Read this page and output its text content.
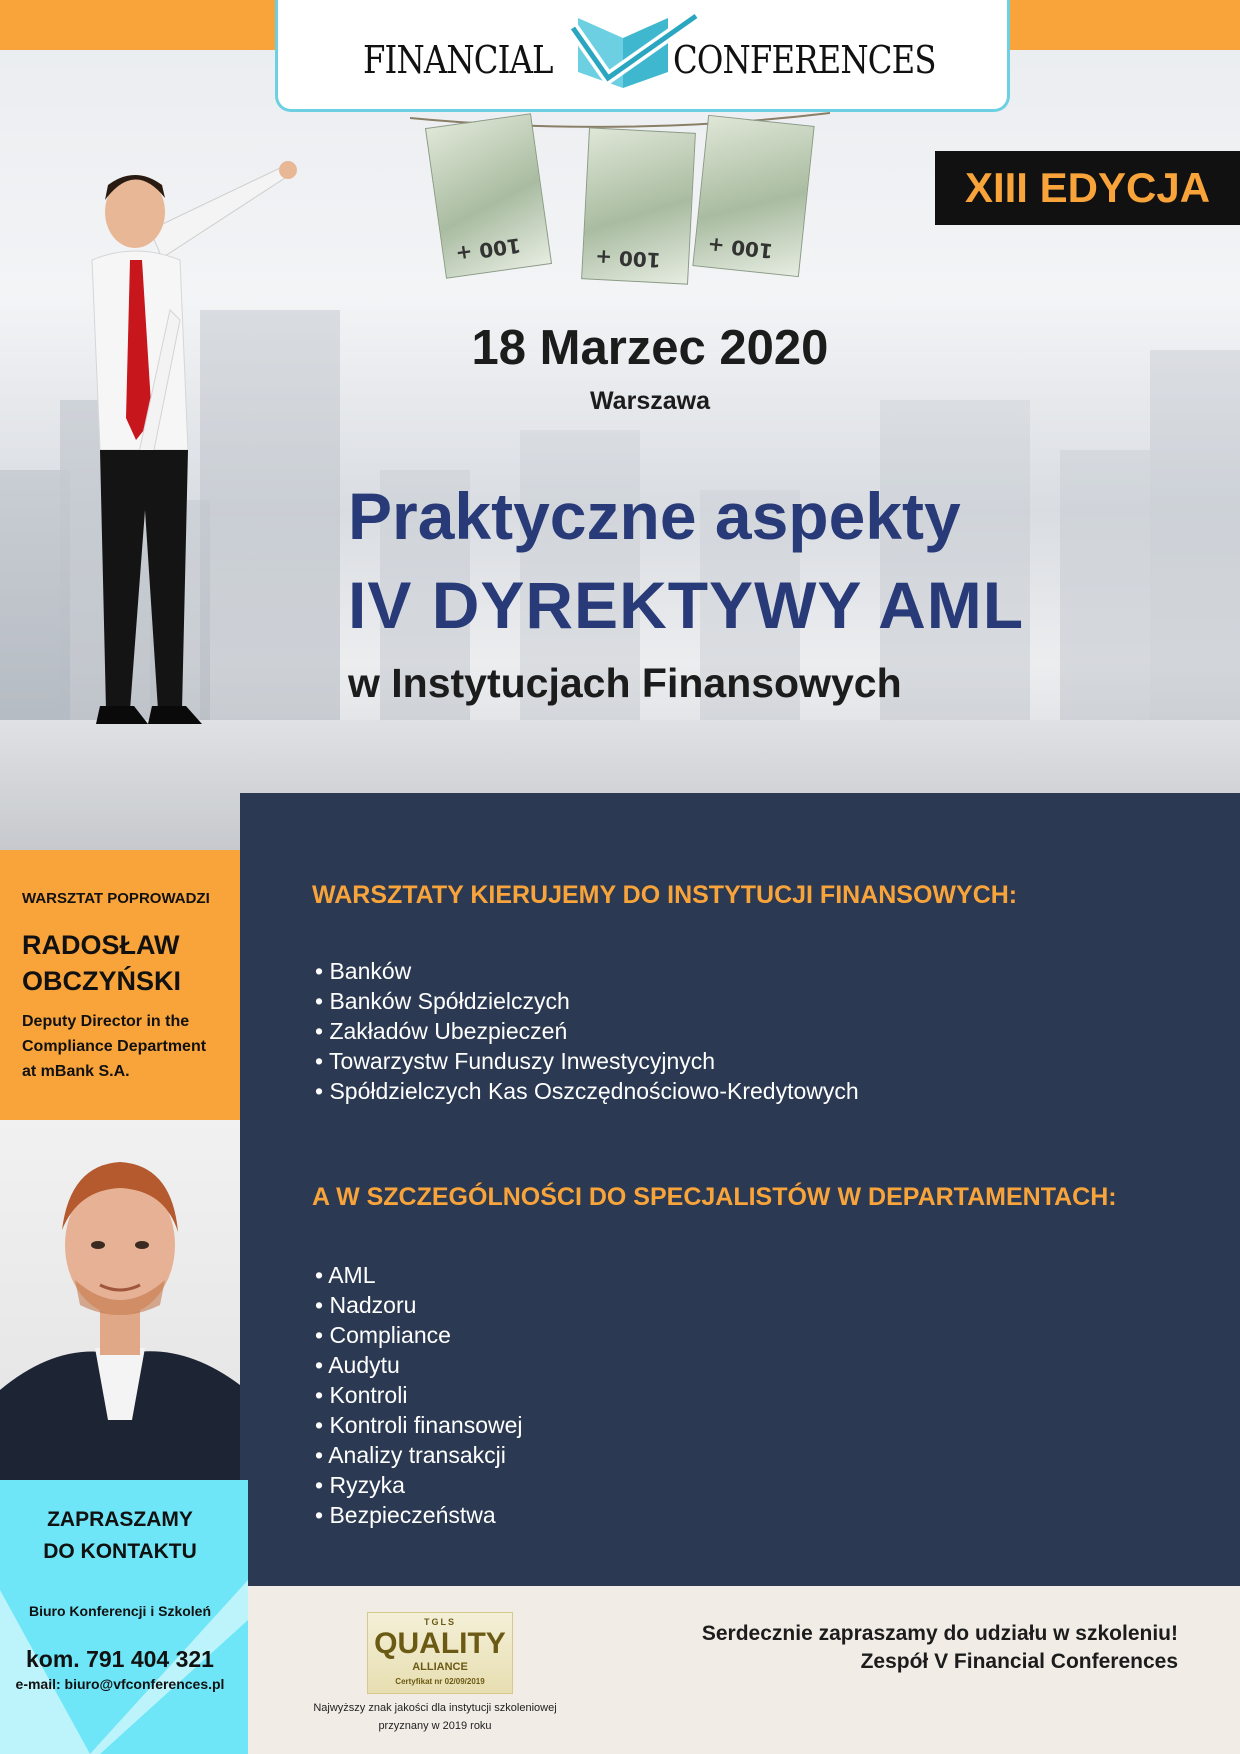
FINANCIAL	CONFERENCES
100 +	100 + 100 +
XIII EDYCJA
18 Marzec 2020
Warszawa
Praktyczne aspekty
IV DYREKTYWY AML
w Instytucjach Finansowych
WARSZTATY KIERUJEMY DO INSTYTUCJI FINANSOWYCH:
• Banków
• Banków Spółdzielczych
• Zakładów Ubezpieczeń
• Towarzystw Funduszy Inwestycyjnych
• Spółdzielczych Kas Oszczędnościowo-Kredytowych
A W SZCZEGÓLNOŚCI DO SPECJALISTÓW W DEPARTAMENTACH:
• AML
• Nadzoru
• Compliance
• Audytu
• Kontroli
• Kontroli finansowej
• Analizy transakcji
• Ryzyka
• Bezpieczeństwa
WARSZTAT POPROWADZI
RADOSŁAW
OBCZYŃSKI
Deputy Director in the
Compliance Department
at mBank S.A.
ZAPRASZAMY
DO KONTAKTU
Biuro Konferencji i Szkoleń
kom. 791 404 321
e-mail: biuro@vfconferences.pl
TGLS
QUALITY
ALLIANCE
Certyfikat nr 02/09/2019
Najwyższy znak jakości dla instytucji szkoleniowej
przyznany w 2019 roku
Serdecznie zapraszamy do udziału w szkoleniu!
Zespół V Financial Conferences
